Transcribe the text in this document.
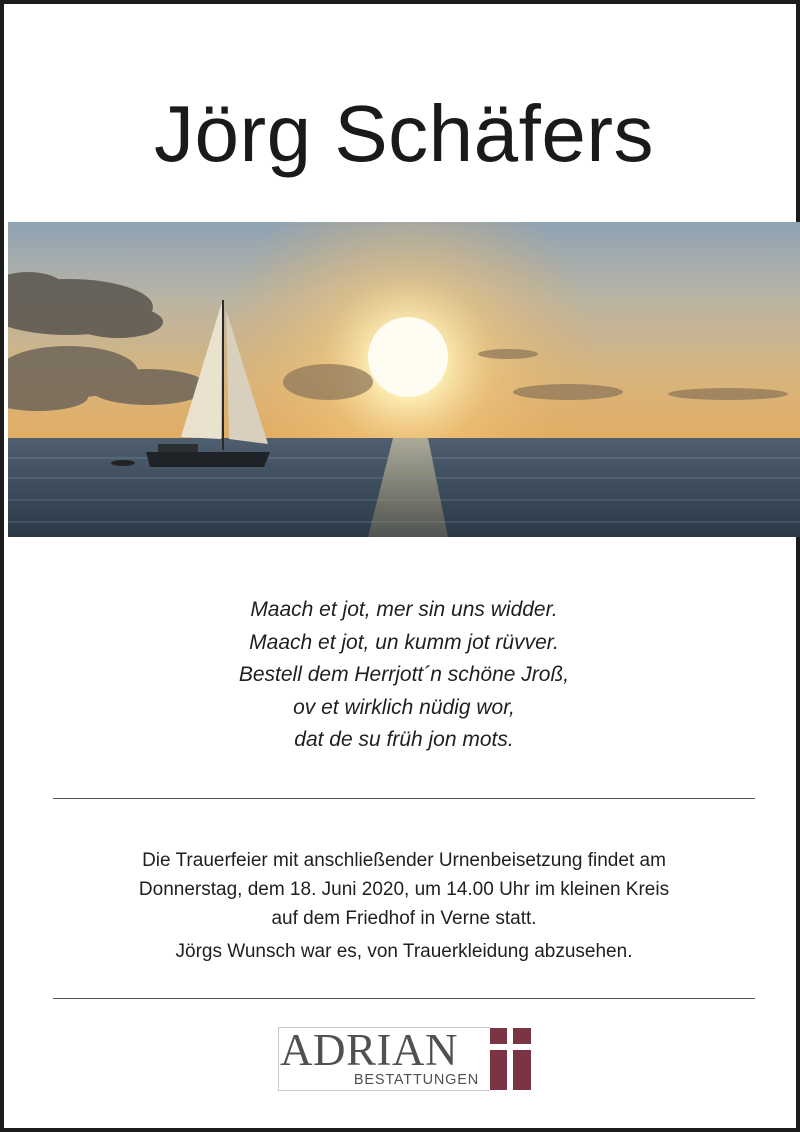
Jörg Schäfers
Maach et jot, mer sin uns widder.
Maach et jot, un kumm jot rüvver.
Bestell dem Herrjott´n schöne Jroß,
ov et wirklich nüdig wor,
dat de su früh jon mots.
Die Trauerfeier mit anschließender Urnenbeisetzung findet am
Donnerstag, dem 18. Juni 2020, um 14.00 Uhr im kleinen Kreis
auf dem Friedhof in Verne statt.
Jörgs Wunsch war es, von Trauerkleidung abzusehen.
ADRIAN
BESTATTUNGEN
